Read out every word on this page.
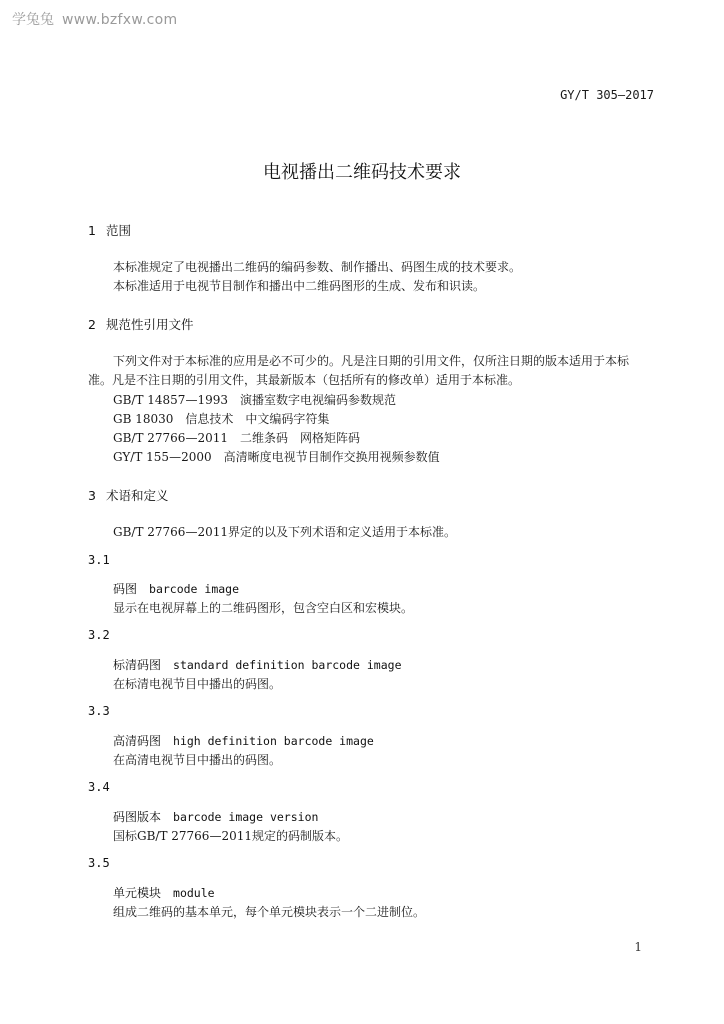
学兔兔 www.bzfxw.com
GY/T 305—2017
电视播出二维码技术要求
1 范围
本标准规定了电视播出二维码的编码参数、制作播出、码图生成的技术要求。
本标准适用于电视节目制作和播出中二维码图形的生成、发布和识读。
2 规范性引用文件
下列文件对于本标准的应用是必不可少的。凡是注日期的引用文件，仅所注日期的版本适用于本标
准。凡是不注日期的引用文件，其最新版本（包括所有的修改单）适用于本标准。
GB/T 14857—1993　演播室数字电视编码参数规范
GB 18030　信息技术　中文编码字符集
GB/T 27766—2011　二维条码　网格矩阵码
GY/T 155—2000　高清晰度电视节目制作交换用视频参数值
3 术语和定义
GB/T 27766—2011界定的以及下列术语和定义适用于本标准。
3.1
码图 barcode image
显示在电视屏幕上的二维码图形，包含空白区和宏模块。
3.2
标清码图 standard definition barcode image
在标清电视节目中播出的码图。
3.3
高清码图 high definition barcode image
在高清电视节目中播出的码图。
3.4
码图版本 barcode image version
国标GB/T 27766—2011规定的码制版本。
3.5
单元模块 module
组成二维码的基本单元，每个单元模块表示一个二进制位。
1
